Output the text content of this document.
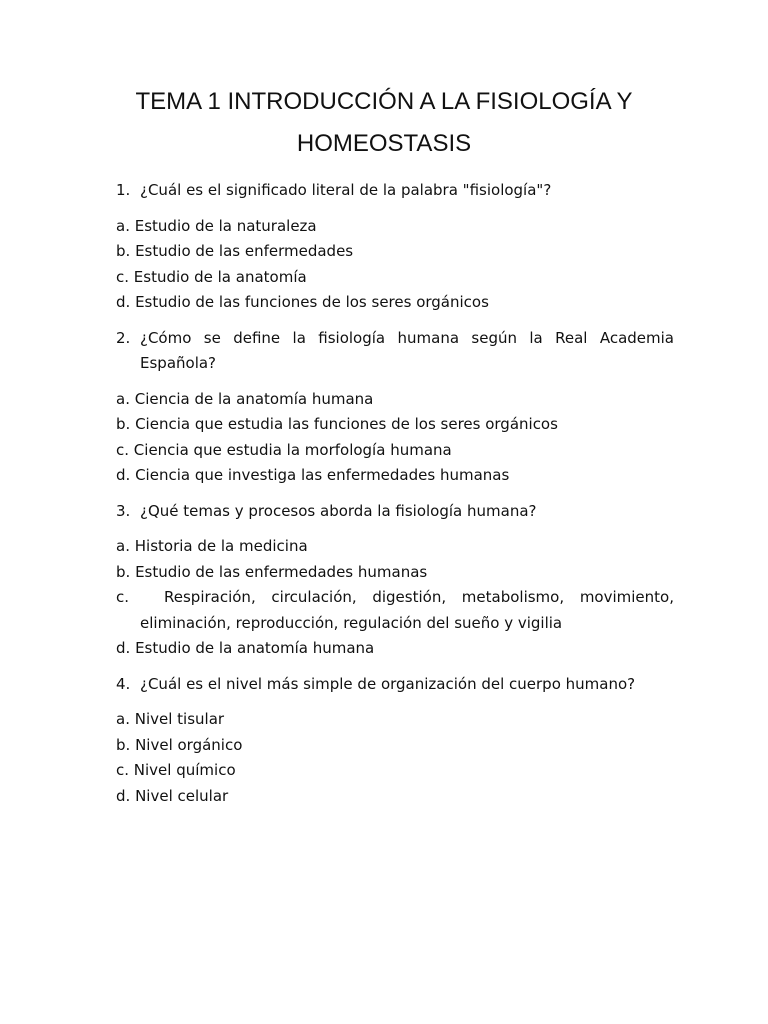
TEMA 1 INTRODUCCIÓN A LA FISIOLOGÍA Y
HOMEOSTASIS
1. ¿Cuál es el significado literal de la palabra "fisiología"?
a.
Estudio de la naturaleza
b.
Estudio de las enfermedades
c.
Estudio de la anatomía
d.
Estudio de las funciones de los seres orgánicos
2. ¿Cómo se define la fisiología humana según la Real Academia Española?
a.
Ciencia de la anatomía humana
b.
Ciencia que estudia las funciones de los seres orgánicos
c.
Ciencia que estudia la morfología humana
d.
Ciencia que investiga las enfermedades humanas
3. ¿Qué temas y procesos aborda la fisiología humana?
a.
Historia de la medicina
b.
Estudio de las enfermedades humanas
c.	Respiración, circulación, digestión, metabolismo, movimiento, eliminación, reproducción, regulación del sueño y vigilia
d.
Estudio de la anatomía humana
4. ¿Cuál es el nivel más simple de organización del cuerpo humano?
a.
Nivel tisular
b.
Nivel orgánico
c.
Nivel químico
d.
Nivel celular
